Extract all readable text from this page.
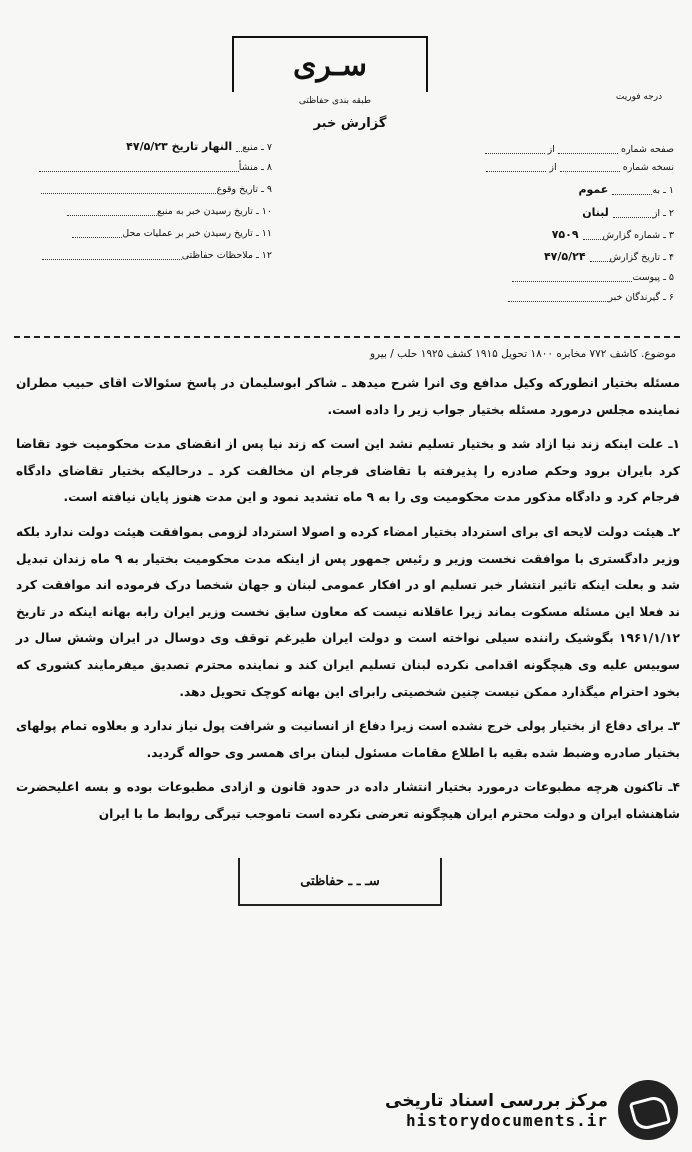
سـری
طبقه بندی حفاظتی	درجه فوریت
گزارش خبر
صفحه شماره  از
نسخه شماره  از
۱ ـ بهعموم
۲ ـ ازلبنان
۳ ـ شماره گزارش۷۵۰۹
۴ ـ تاریخ گزارش۴۷/۵/۲۴
۵ ـ پیوست
۶ ـ گیرندگان خبر
۷ ـ منبعالنهار تاریخ ۴۷/۵/۲۳
۸ ـ منشأ
۹ ـ تاریخ وقوع
۱۰ ـ تاریخ رسیدن خبر به منبع
۱۱ ـ تاریخ رسیدن خبر بر عملیات محل
۱۲ ـ ملاحظات حفاظتی
موضوع. کاشف ۷۷۲ مخابره ۱۸۰۰ تحویل ۱۹۱۵ کشف ۱۹۲۵ حلب / بیرو

مسئله بختیار انطورکه وکیل مدافع وی انرا شرح میدهد ـ شاکر ابوسلیمان در پاسخ سئوالات اقای حبیب مطران نماینده مجلس درمورد مسئله بختیار جواب زیر را داده است.

۱ـ علت اینکه زند نیا ازاد شد و بختیار تسلیم نشد این است که زند نیا پس از انقضای مدت محکومیت خود تقاضا کرد بایران برود وحکم صادره را پذیرفته با تقاضای فرجام ان مخالفت کرد ـ درحالیکه بختیار تقاضای دادگاه فرجام کرد و دادگاه مذکور مدت محکومیت وی را به ۹ ماه تشدید نمود و این مدت هنوز پایان نیافته است.

۲ـ هیئت دولت لایحه ای برای استرداد بختیار امضاء کرده و اصولا استرداد لزومی بموافقت هیئت دولت ندارد بلکه وزیر دادگستری با موافقت نخست وزیر و رئیس جمهور پس از اینکه مدت محکومیت بختیار به ۹ ماه زندان تبدیل شد و بعلت اینکه تاثیر انتشار خبر تسلیم او در افکار عمومی لبنان و جهان شخصا درک فرموده اند موافقت کرد ند فعلا این مسئله مسکوت بماند زیرا عاقلانه نیست که معاون سابق نخست وزیر ایران رابه بهانه اینکه در تاریخ ۱۹۶۱/۱/۱۲ بگوشیک راننده سیلی نواخته است و دولت ایران طیرغم توقف وی دوسال در ایران وشش سال در سوییس علیه وی هیچگونه اقدامی نکرده لبنان تسلیم ایران کند و نماینده محترم تصدیق میفرمایند کشوری که بخود احترام میگذارد ممکن نیست چنین شخصیتی رابرای این بهانه کوچک تحویل دهد.

۳ـ برای دفاع از بختیار پولی خرج نشده است زیرا دفاع از انسانیت و شرافت پول نیاز ندارد و بعلاوه تمام پولهای بختیار صادره وضبط شده بقیه با اطلاع مقامات مسئول لبنان برای همسر وی حواله گردید.

۴ـ تاکنون هرچه مطبوعات درمورد بختیار انتشار داده در حدود قانون و ازادی مطبوعات بوده و بسه اعلیحضرت شاهنشاه ایران و دولت محترم ایران هیچگونه تعرضی نکرده است تاموجب تیرگی روابط ما با ایران

سـ ـ ـ حفاظتی
مرکز بررسی اسناد تاریخی
historydocuments.ir
